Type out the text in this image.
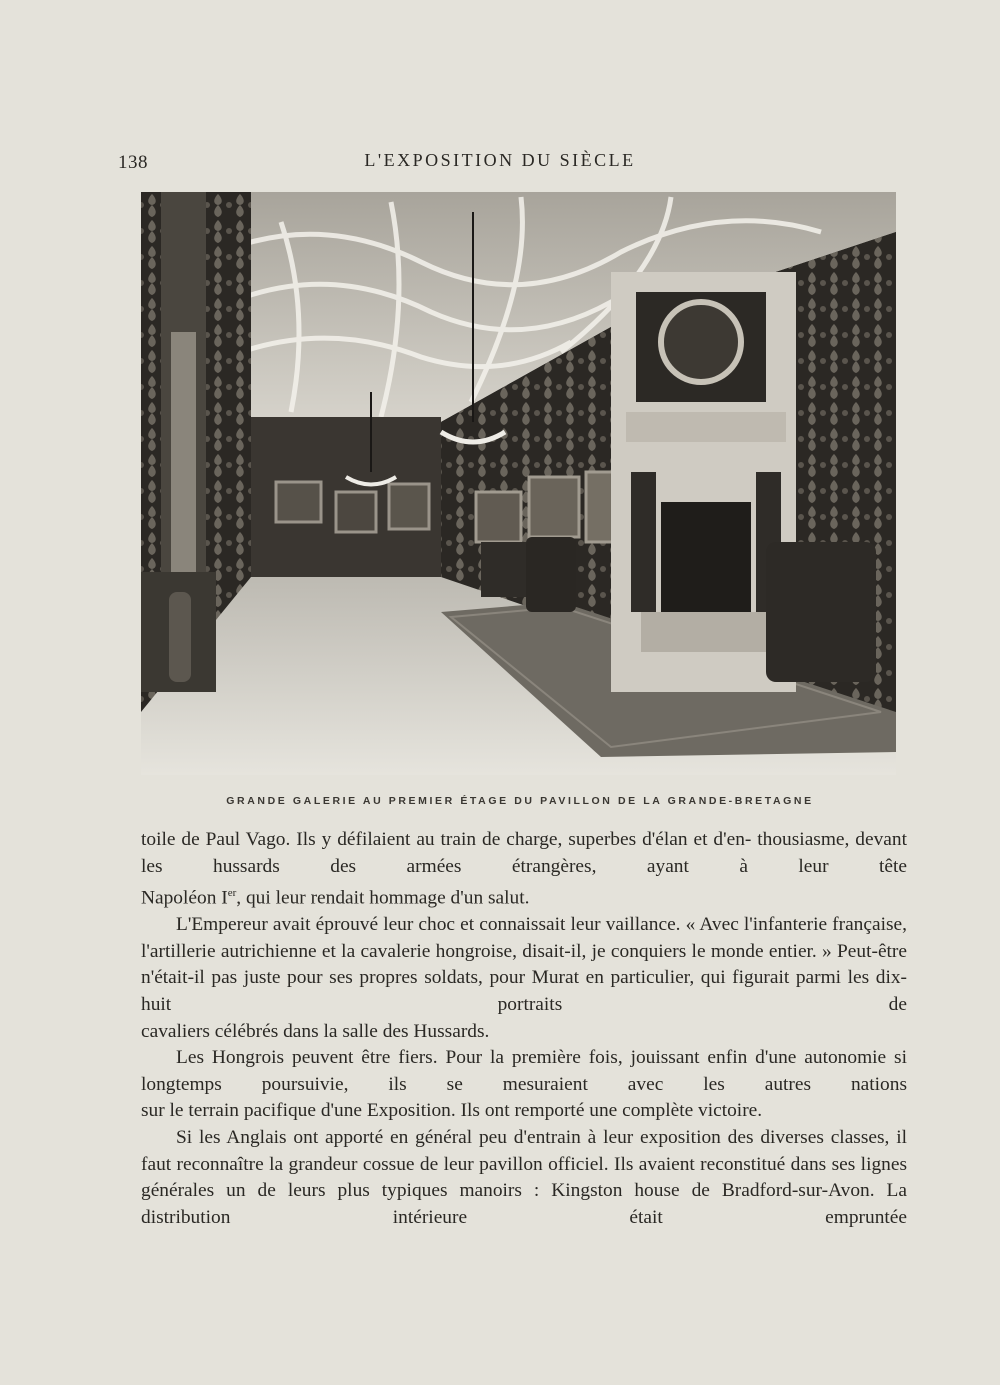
138	L'EXPOSITION DU SIÈCLE
GRANDE GALERIE AU PREMIER ÉTAGE DU PAVILLON DE LA GRANDE-BRETAGNE

toile de Paul Vago. Ils y défilaient au train de charge, superbes d'élan et d'en- thousiasme, devant les hussards des armées étrangères, ayant à leur tête

Napoléon Ier, qui leur rendait hommage d'un salut.

L'Empereur avait éprouvé leur choc et connaissait leur vaillance. « Avec l'infanterie française, l'artillerie autrichienne et la cavalerie hongroise, disait-il, je conquiers le monde entier. » Peut-être n'était-il pas juste pour ses propres soldats, pour Murat en particulier, qui figurait parmi les dix-huit portraits de

cavaliers célébrés dans la salle des Hussards.

Les Hongrois peuvent être fiers. Pour la première fois, jouissant enfin d'une autonomie si longtemps poursuivie, ils se mesuraient avec les autres nations

sur le terrain pacifique d'une Exposition. Ils ont remporté une complète victoire.

Si les Anglais ont apporté en général peu d'entrain à leur exposition des diverses classes, il faut reconnaître la grandeur cossue de leur pavillon officiel. Ils avaient reconstitué dans ses lignes générales un de leurs plus typiques manoirs : Kingston house de Bradford-sur-Avon. La distribution intérieure était empruntée
